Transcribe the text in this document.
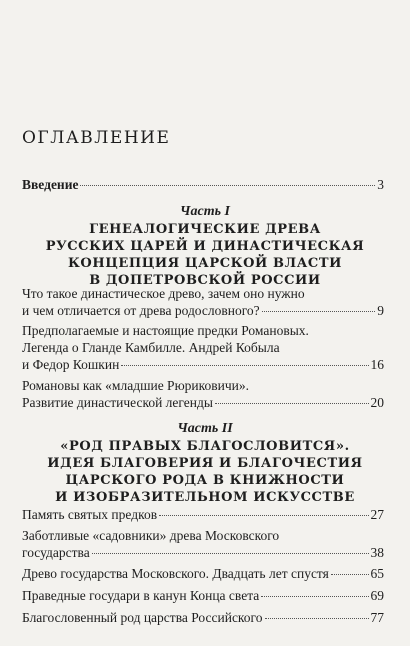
ОГЛАВЛЕНИЕ
Введение	3
Часть I
ГЕНЕАЛОГИЧЕСКИЕ ДРЕВА
РУССКИХ ЦАРЕЙ И ДИНАСТИЧЕСКАЯ
КОНЦЕПЦИЯ ЦАРСКОЙ ВЛАСТИ
В ДОПЕТРОВСКОЙ РОССИИ
Что такое династическое древо, зачем оно нужно
и чем отличается от древа родословного?	9
Предполагаемые и настоящие предки Романовых.
Легенда о Гланде Камбилле. Андрей Кобыла
и Федор Кошкин	16
Романовы как «младшие Рюриковичи».
Развитие династической легенды	20
Часть II
«РОД ПРАВЫХ БЛАГОСЛОВИТСЯ».
ИДЕЯ БЛАГОВЕРИЯ И БЛАГОЧЕСТИЯ
ЦАРСКОГО РОДА В КНИЖНОСТИ
И ИЗОБРАЗИТЕЛЬНОМ ИСКУССТВЕ
Память святых предков	27
Заботливые «садовники» древа Московского
государства	38
Древо государства Московского. Двадцать лет спустя	65
Праведные государи в канун Конца света	69
Благословенный род царства Российского	77
